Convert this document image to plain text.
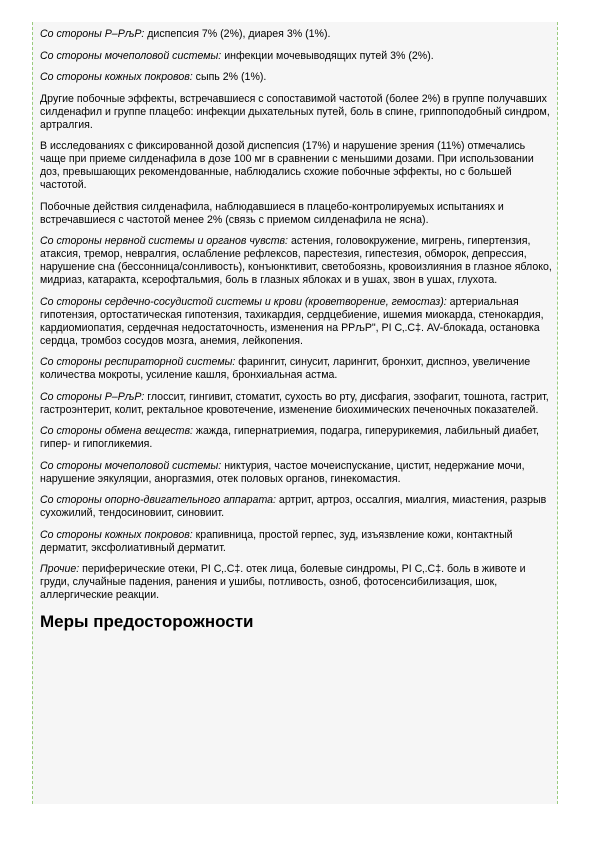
Со стороны Р–РљР: диспепсия 7% (2%), диарея 3% (1%).

Со стороны мочеполовой системы: инфекции мочевыводящих путей 3% (2%).

Со стороны кожных покровов: сыпь 2% (1%).

Другие побочные эффекты, встречавшиеся с сопоставимой частотой (более 2%) в группе получавших силденафил и группе плацебо: инфекции дыхательных путей, боль в спине, гриппоподобный синдром, артралгия.

В исследованиях с фиксированной дозой диспепсия (17%) и нарушение зрения (11%) отмечались чаще при приеме силденафила в дозе 100 мг в сравнении с меньшими дозами. При использовании доз, превышающих рекомендованные, наблюдались схожие побочные эффекты, но с большей частотой.

Побочные действия силденафила, наблюдавшиеся в плацебо-контролируемых испытаниях и встречавшиеся с частотой менее 2% (связь с приемом силденафила не ясна).

Со стороны нервной системы и органов чувств: астения, головокружение, мигрень, гипертензия, атаксия, тремор, невралгия, ослабление рефлексов, парестезия, гипестезия, обморок, депрессия, нарушение сна (бессонница/сонливость), конъюнктивит, светобоязнь, кровоизлияния в глазное яблоко, мидриаз, катаракта, ксерофтальмия, боль в глазных яблоках и в ушах, звон в ушах, глухота.

Со стороны сердечно-сосудистой системы и крови (кроветворение, гемостаз): артериальная гипотензия, ортостатическая гипотензия, тахикардия, сердцебиение, ишемия миокарда, стенокардия, кардиомиопатия, сердечная недостаточность, изменения на РРљР", РІ С‚.С‡. AV-блокада, остановка сердца, тромбоз сосудов мозга, анемия, лейкопения.

Со стороны респираторной системы: фарингит, синусит, ларингит, бронхит, диспноэ, увеличение количества мокроты, усиление кашля, бронхиальная астма.

Со стороны Р–РљР: глоссит, гингивит, стоматит, сухость во рту, дисфагия, эзофагит, тошнота, гастрит, гастроэнтерит, колит, ректальное кровотечение, изменение биохимических печеночных показателей.

Со стороны обмена веществ: жажда, гипернатриемия, подагра, гиперурикемия, лабильный диабет, гипер- и гипогликемия.

Со стороны мочеполовой системы: никтурия, частое мочеиспускание, цистит, недержание мочи, нарушение эякуляции, аноргазмия, отек половых органов, гинекомастия.

Со стороны опорно-двигательного аппарата: артрит, артроз, оссалгия, миалгия, миастения, разрыв сухожилий, тендосиновиит, синовиит.

Со стороны кожных покровов: крапивница, простой герпес, зуд, изъязвление кожи, контактный дерматит, эксфолиативный дерматит.

Прочие: периферические отеки, РІ С‚.С‡. отек лица, болевые синдромы, РІ С‚.С‡. боль в животе и груди, случайные падения, ранения и ушибы, потливость, озноб, фотосенсибилизация, шок, аллергические реакции.

Меры предосторожности
